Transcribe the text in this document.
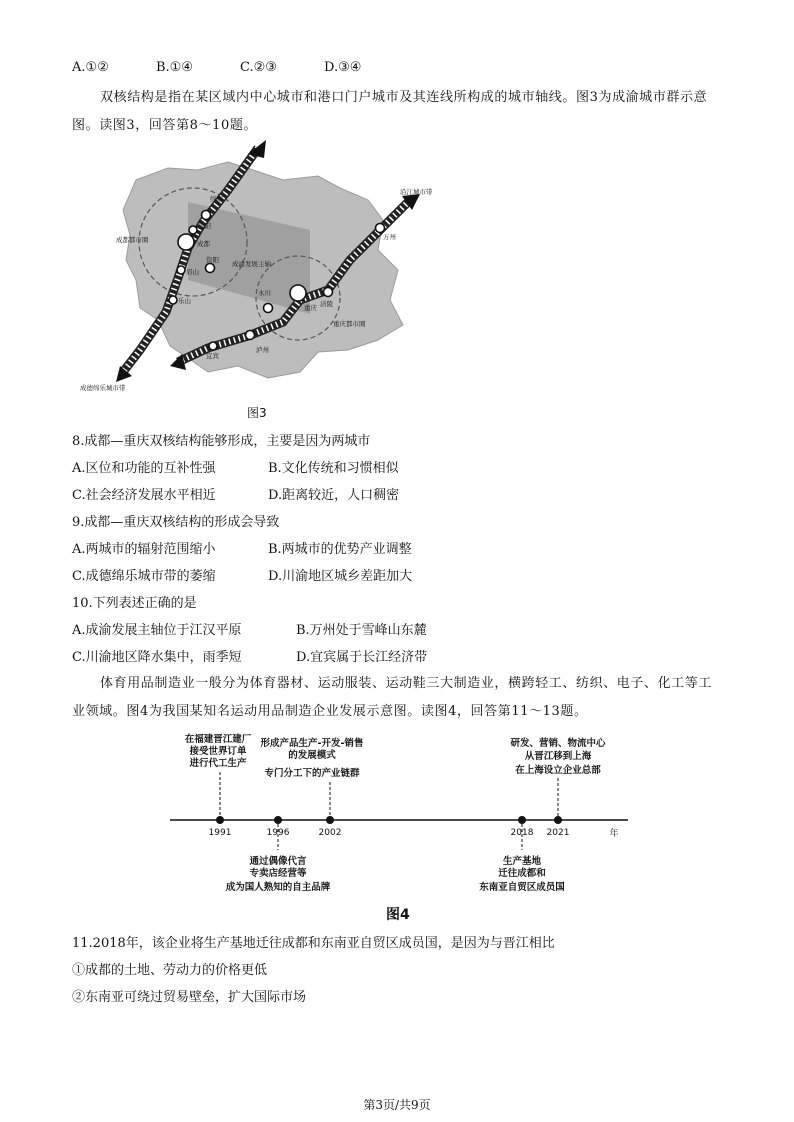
A.①②	B.①④	C.②③	D.③④
双核结构是指在某区域内中心城市和港口门户城市及其连线所构成的城市轴线。图3为成渝城市群示意图。读图3，回答第8～10题。
沿江城市带
成德绵乐城市带
成都都市圈
重庆都市圈
成渝发展主轴
绵阳
德阳
成都
资阳
眉山
乐山
永川
重庆 涪陵
万州
宜宾
泸州
图3
8.成都—重庆双核结构能够形成，主要是因为两城市
A.区位和功能的互补性强	B.文化传统和习惯相似
C.社会经济发展水平相近	D.距离较近，人口稠密
9.成都—重庆双核结构的形成会导致
A.两城市的辐射范围缩小	B.两城市的优势产业调整
C.成德绵乐城市带的萎缩	D.川渝地区城乡差距加大
10.下列表述正确的是
A.成渝发展主轴位于江汉平原	B.万州处于雪峰山东麓
C.川渝地区降水集中，雨季短	D.宜宾属于长江经济带
体育用品制造业一般分为体育器材、运动服装、运动鞋三大制造业，横跨轻工、纺织、电子、化工等工业领域。图4为我国某知名运动用品制造企业发展示意图。读图4，回答第11～13题。
在福建晋江建厂
接受世界订单
进行代工生产
形成产品生产-开发-销售
的发展模式
专门分工下的产业链群
研发、营销、物流中心
从晋江移到上海
在上海设立企业总部
1991	1996	2002	2018 2021	年
通过偶像代言
专卖店经营等
成为国人熟知的自主品牌
生产基地
迁往成都和
东南亚自贸区成员国
图4
11.2018年，该企业将生产基地迁往成都和东南亚自贸区成员国，是因为与晋江相比
①成都的土地、劳动力的价格更低
②东南亚可绕过贸易壁垒，扩大国际市场
第3页/共9页
